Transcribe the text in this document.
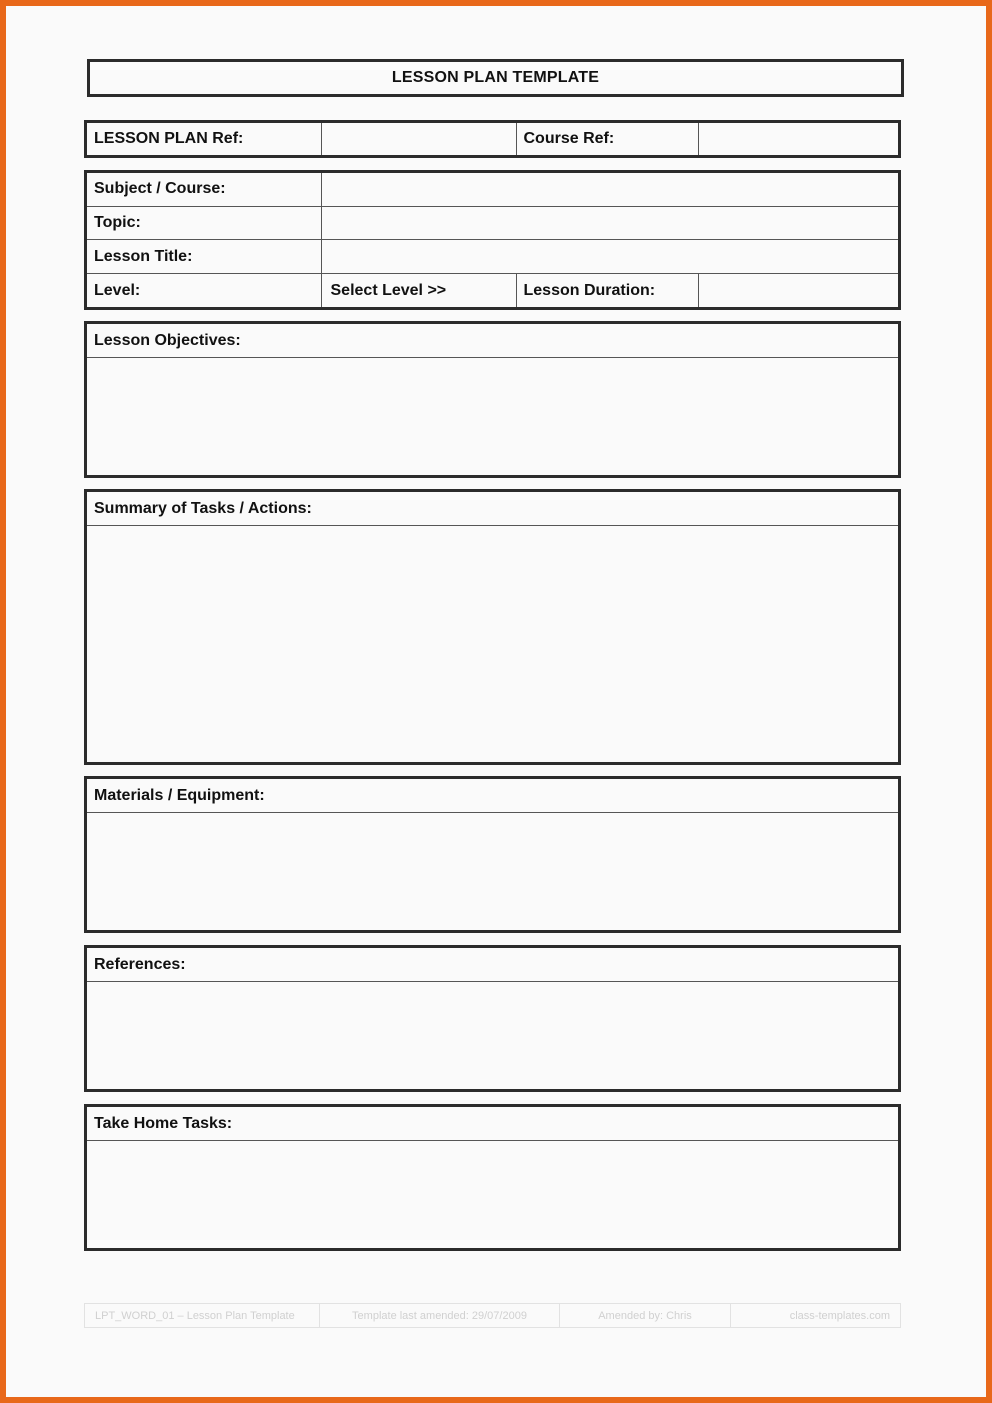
LESSON PLAN TEMPLATE
LESSON PLAN Ref:		Course Ref:	
Subject / Course:			
Topic:			
Lesson Title:			
Level:	Select Level >>	Lesson Duration:	
Lesson Objectives:
Summary of Tasks / Actions:
Materials / Equipment:
References:
Take Home Tasks:
LPT_WORD_01 – Lesson Plan Template	Template last amended: 29/07/2009	Amended by: Chris	class-templates.com
